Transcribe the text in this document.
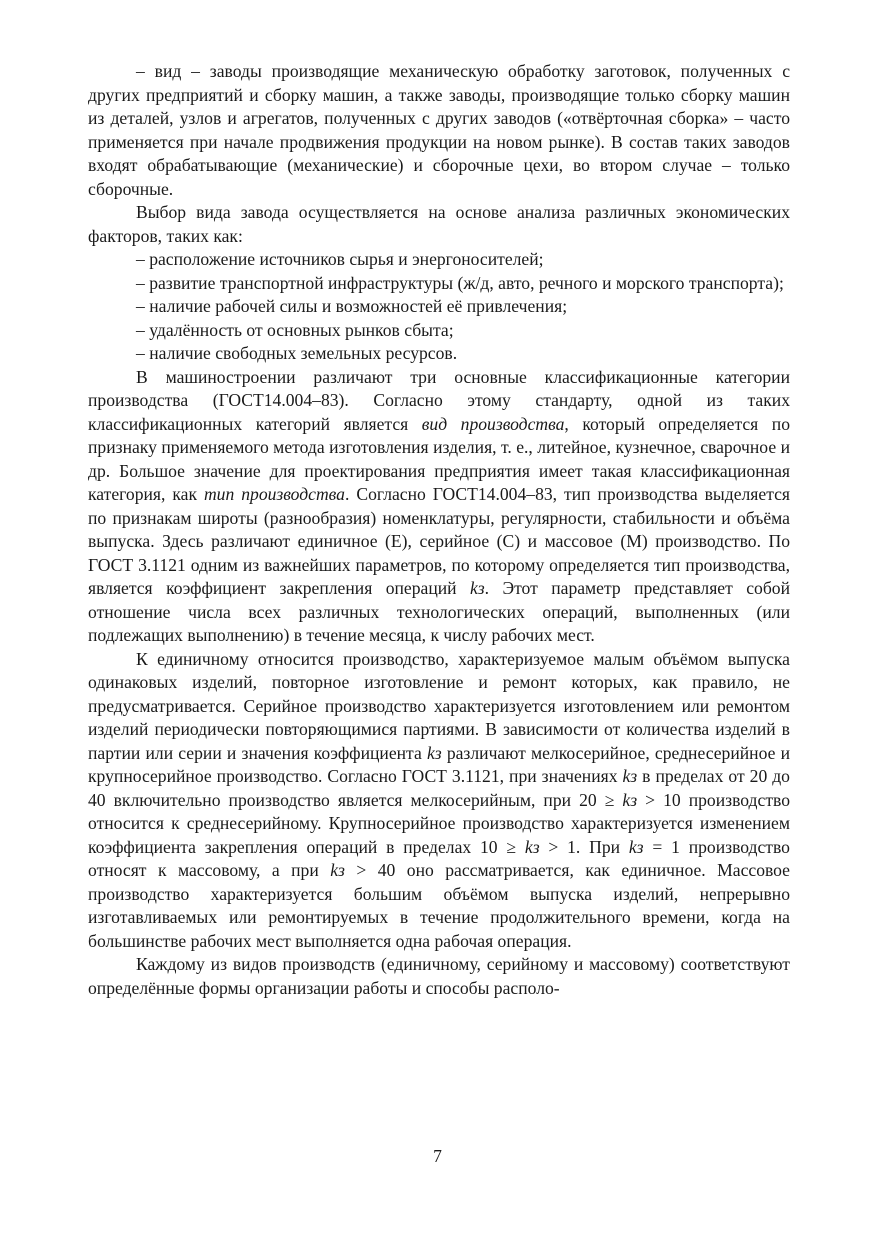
– вид – заводы производящие механическую обработку заготовок, полученных с других предприятий и сборку машин, а также заводы, производящие только сборку машин из деталей, узлов и агрегатов, полученных с других заводов («отвёрточная сборка» – часто применяется при начале продвижения продукции на новом рынке). В состав таких заводов входят обрабатывающие (механические) и сборочные цехи, во втором случае – только сборочные.

Выбор вида завода осуществляется на основе анализа различных экономических факторов, таких как:

– расположение источников сырья и энергоносителей;

– развитие транспортной инфраструктуры (ж/д, авто, речного и морского транспорта);

– наличие рабочей силы и возможностей её привлечения;

– удалённость от основных рынков сбыта;

– наличие свободных земельных ресурсов.

В машиностроении различают три основные классификационные категории производства (ГОСТ14.004–83). Согласно этому стандарту, одной из таких классификационных категорий является вид производства, который определяется по признаку применяемого метода изготовления изделия, т. е., литейное, кузнечное, сварочное и др. Большое значение для проектирования предприятия имеет такая классификационная категория, как тип производства. Согласно ГОСТ14.004–83, тип производства выделяется по признакам широты (разнообразия) номенклатуры, регулярности, стабильности и объёма выпуска. Здесь различают единичное (Е), серийное (С) и массовое (М) производство. По ГОСТ 3.1121 одним из важнейших параметров, по которому определяется тип производства, является коэффициент закрепления операций kз. Этот параметр представляет собой отношение числа всех различных технологических операций, выполненных (или подлежащих выполнению) в течение месяца, к числу рабочих мест.

К единичному относится производство, характеризуемое малым объёмом выпуска одинаковых изделий, повторное изготовление и ремонт которых, как правило, не предусматривается. Серийное производство характеризуется изготовлением или ремонтом изделий периодически повторяющимися партиями. В зависимости от количества изделий в партии или серии и значения коэффициента kз различают мелкосерийное, среднесерийное и крупносерийное производство. Согласно ГОСТ 3.1121, при значениях kз в пределах от 20 до 40 включительно производство является мелкосерийным, при 20 ≥ kз > 10 производство относится к среднесерийному. Крупносерийное производство характеризуется изменением коэффициента закрепления операций в пределах 10 ≥ kз > 1. При kз = 1 производство относят к массовому, а при kз > 40 оно рассматривается, как единичное. Массовое производство характеризуется большим объёмом выпуска изделий, непрерывно изготавливаемых или ремонтируемых в течение продолжительного времени, когда на большинстве рабочих мест выполняется одна рабочая операция.

Каждому из видов производств (единичному, серийному и массовому) соответствуют определённые формы организации работы и способы располо-

7
